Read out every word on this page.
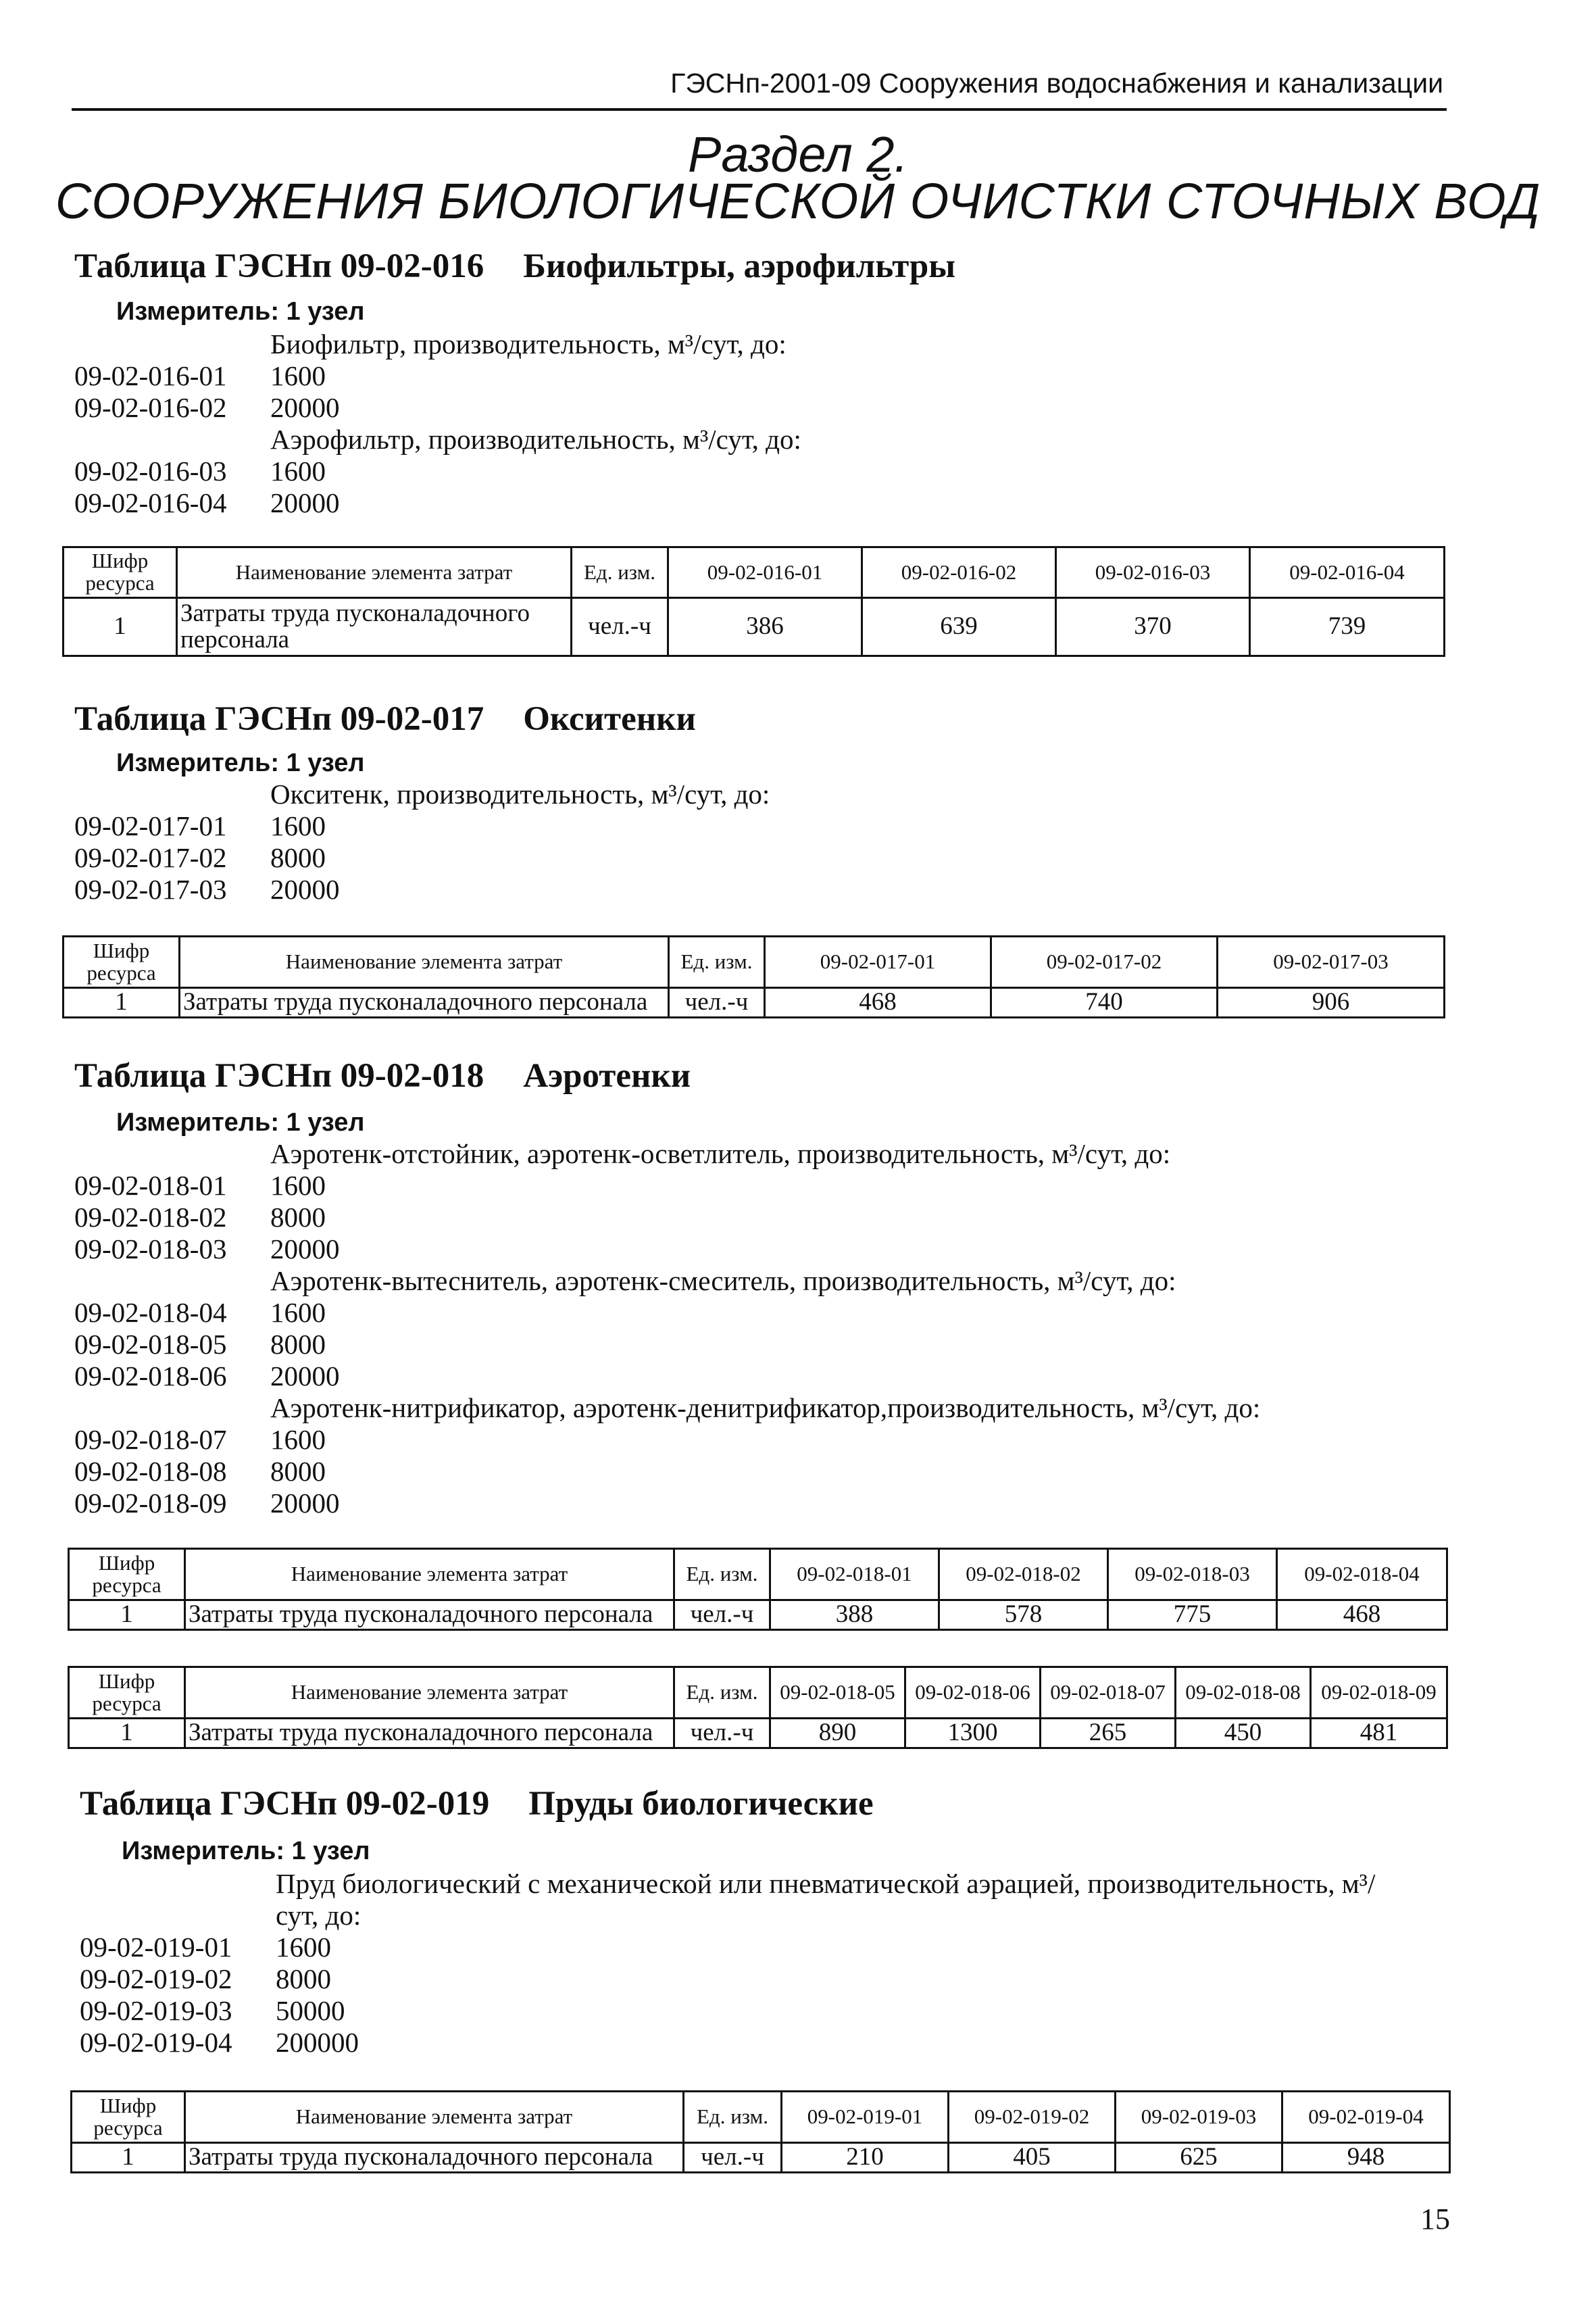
ГЭСНп-2001-09 Сооружения водоснабжения и канализации
Раздел 2.
СООРУЖЕНИЯ БИОЛОГИЧЕСКОЙ ОЧИСТКИ СТОЧНЫХ ВОД
Таблица ГЭСНп 09-02-016 Биофильтры, аэрофильтры
Измеритель: 1 узел
Биофильтр, производительность, м³/сут, до:
09-02-016-01	1600
09-02-016-02	20000
Аэрофильтр, производительность, м³/сут, до:
09-02-016-03	1600
09-02-016-04	20000
Шифр ресурса	Наименование элемента затрат	Ед. изм.	09-02-016-01	09-02-016-02	09-02-016-03	09-02-016-04
1	Затраты труда пусконаладочного персонала	чел.-ч	386	639	370	739
Таблица ГЭСНп 09-02-017 Окситенки
Измеритель: 1 узел
Окситенк, производительность, м³/сут, до:
09-02-017-01	1600
09-02-017-02	8000
09-02-017-03	20000
Шифр ресурса	Наименование элемента затрат	Ед. изм.	09-02-017-01	09-02-017-02	09-02-017-03
1	Затраты труда пусконаладочного персонала	чел.-ч	468	740	906
Таблица ГЭСНп 09-02-018 Аэротенки
Измеритель: 1 узел
Аэротенк-отстойник, аэротенк-осветлитель, производительность, м³/сут, до:
09-02-018-01	1600
09-02-018-02	8000
09-02-018-03	20000
Аэротенк-вытеснитель, аэротенк-смеситель, производительность, м³/сут, до:
09-02-018-04	1600
09-02-018-05	8000
09-02-018-06	20000
Аэротенк-нитрификатор, аэротенк-денитрификатор,производительность, м³/сут, до:
09-02-018-07	1600
09-02-018-08	8000
09-02-018-09	20000
Шифр ресурса	Наименование элемента затрат	Ед. изм.	09-02-018-01	09-02-018-02	09-02-018-03	09-02-018-04
1	Затраты труда пусконаладочного персонала	чел.-ч	388	578	775	468
Шифр ресурса	Наименование элемента затрат	Ед. изм.	09-02-018-05	09-02-018-06	09-02-018-07	09-02-018-08	09-02-018-09
1	Затраты труда пусконаладочного персонала	чел.-ч	890	1300	265	450	481
Таблица ГЭСНп 09-02-019 Пруды биологические
Измеритель: 1 узел
Пруд биологический с механической или пневматической аэрацией, производительность, м³/сут, до:
09-02-019-01	1600
09-02-019-02	8000
09-02-019-03	50000
09-02-019-04	200000
Шифр ресурса	Наименование элемента затрат	Ед. изм.	09-02-019-01	09-02-019-02	09-02-019-03	09-02-019-04
1	Затраты труда пусконаладочного персонала	чел.-ч	210	405	625	948
15
